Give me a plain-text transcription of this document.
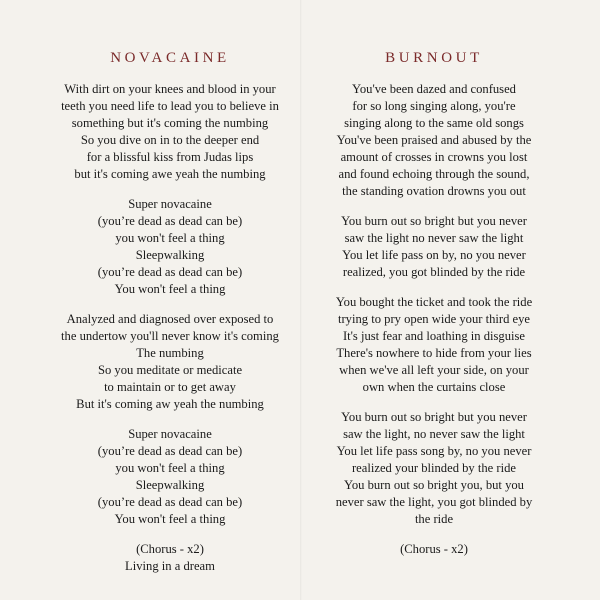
NOVACAINE
With dirt on your knees and blood in your
teeth you need life to lead you to believe in
something but it's coming the numbing
So you dive on in to the deeper end
for a blissful kiss from Judas lips
but it's coming awe yeah the numbing
Super novacaine
(you’re dead as dead can be)
you won't feel a thing
Sleepwalking
(you’re dead as dead can be)
You won't feel a thing
Analyzed and diagnosed over exposed to
the undertow you'll never know it's coming
The numbing
So you meditate or medicate
to maintain or to get away
But it's coming aw yeah the numbing
Super novacaine
(you’re dead as dead can be)
you won't feel a thing
Sleepwalking
(you’re dead as dead can be)
You won't feel a thing
(Chorus - x2)
Living in a dream
BURNOUT
You've been dazed and confused
for so long singing along, you're
singing along to the same old songs
You've been praised and abused by the
amount of crosses in crowns you lost
and found echoing through the sound,
the standing ovation drowns you out
You burn out so bright but you never
saw the light no never saw the light
You let life pass on by, no you never
realized, you got blinded by the ride
You bought the ticket and took the ride
trying to pry open wide your third eye
It's just fear and loathing in disguise
There's nowhere to hide from your lies
when we've all left your side, on your
own when the curtains close
You burn out so bright but you never
saw the light, no never saw the light
You let life pass song by, no you never
realized your blinded by the ride
You burn out so bright you, but you
never saw the light, you got blinded by
the ride
(Chorus - x2)
